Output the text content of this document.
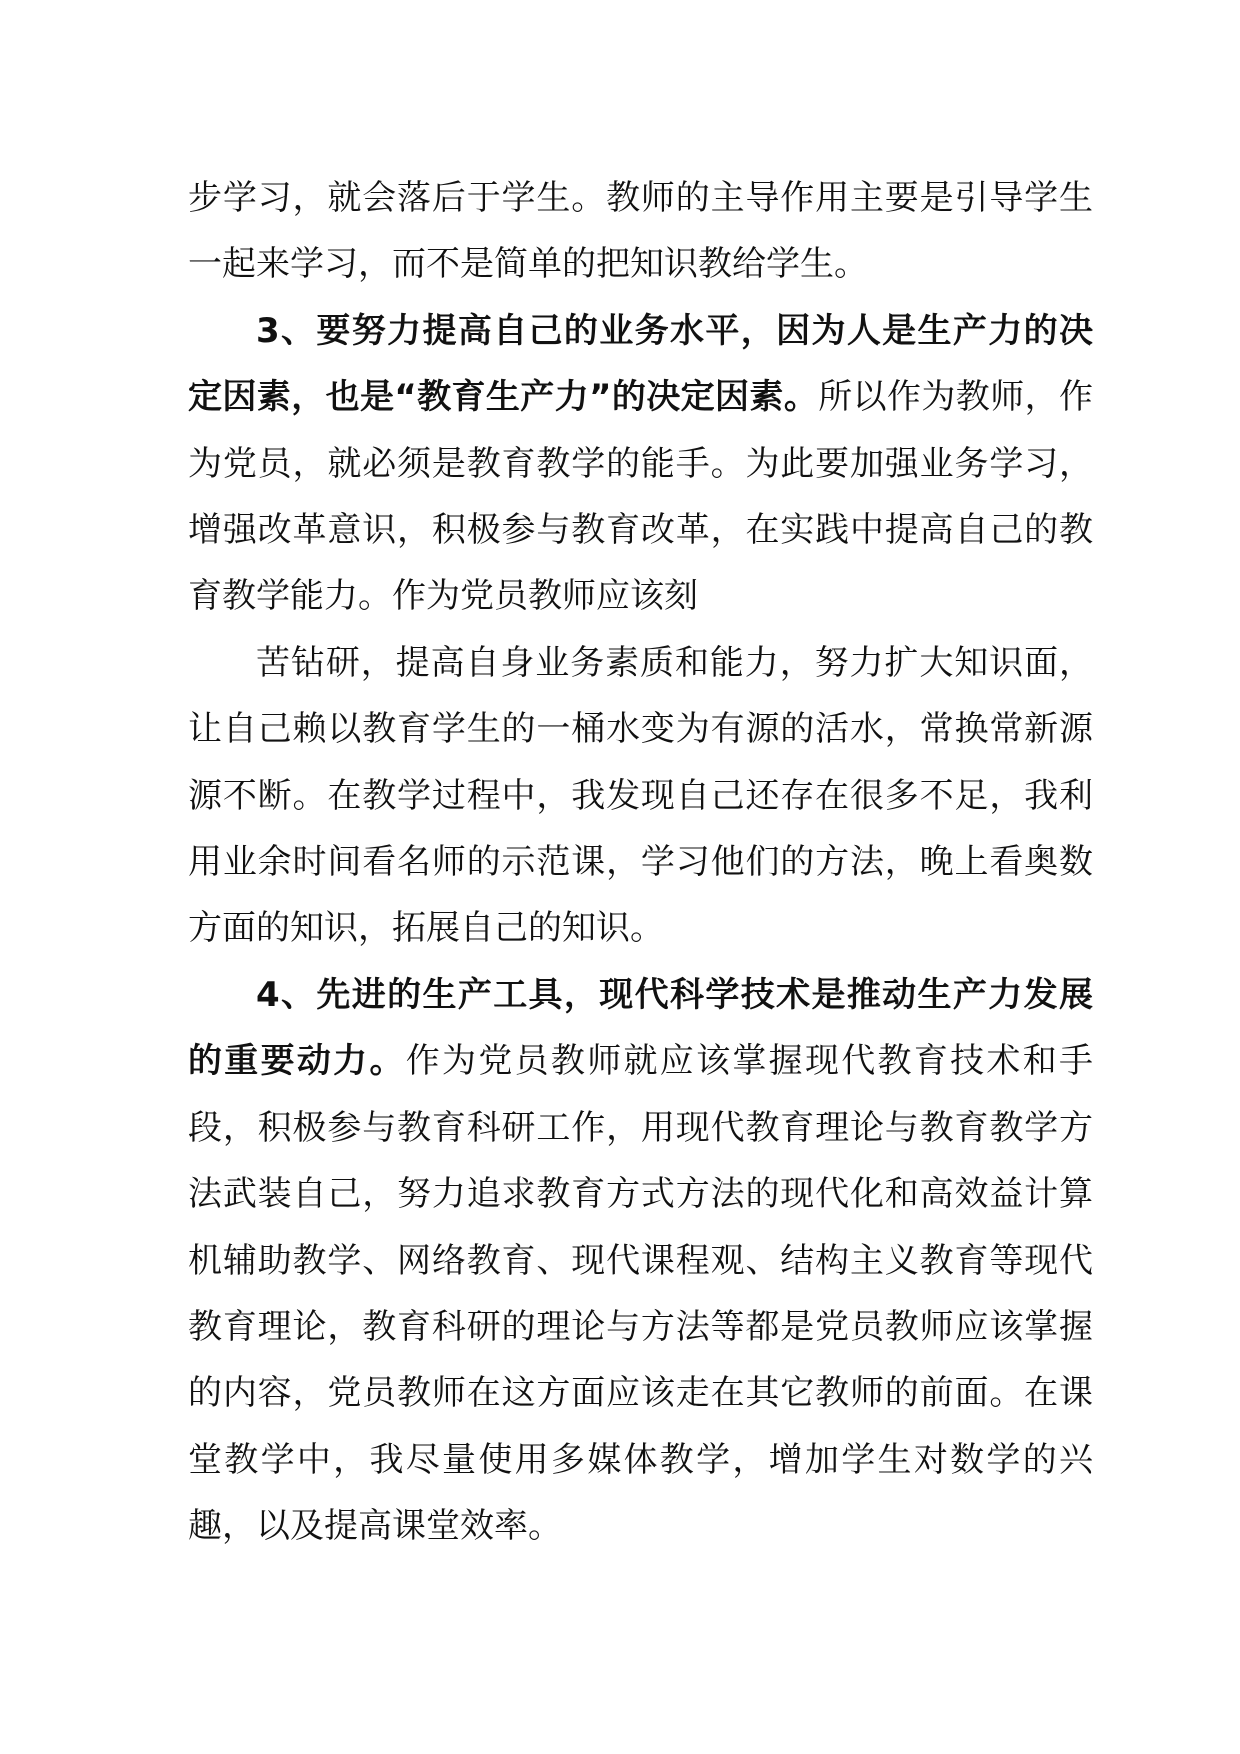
步学习，就会落后于学生。教师的主导作用主要是引导学生一起来学习，而不是简单的把知识教给学生。

3、要努力提高自己的业务水平，因为人是生产力的决定因素，也是“教育生产力”的决定因素。所以作为教师，作为党员，就必须是教育教学的能手。为此要加强业务学习，增强改革意识，积极参与教育改革，在实践中提高自己的教育教学能力。作为党员教师应该刻

苦钻研，提高自身业务素质和能力，努力扩大知识面，让自己赖以教育学生的一桶水变为有源的活水，常换常新源源不断。在教学过程中，我发现自己还存在很多不足，我利用业余时间看名师的示范课，学习他们的方法，晚上看奥数方面的知识，拓展自己的知识。

4、先进的生产工具，现代科学技术是推动生产力发展的重要动力。作为党员教师就应该掌握现代教育技术和手段，积极参与教育科研工作，用现代教育理论与教育教学方法武装自己，努力追求教育方式方法的现代化和高效益计算机辅助教学、网络教育、现代课程观、结构主义教育等现代教育理论，教育科研的理论与方法等都是党员教师应该掌握的内容，党员教师在这方面应该走在其它教师的前面。在课堂教学中，我尽量使用多媒体教学，增加学生对数学的兴趣，以及提高课堂效率。
